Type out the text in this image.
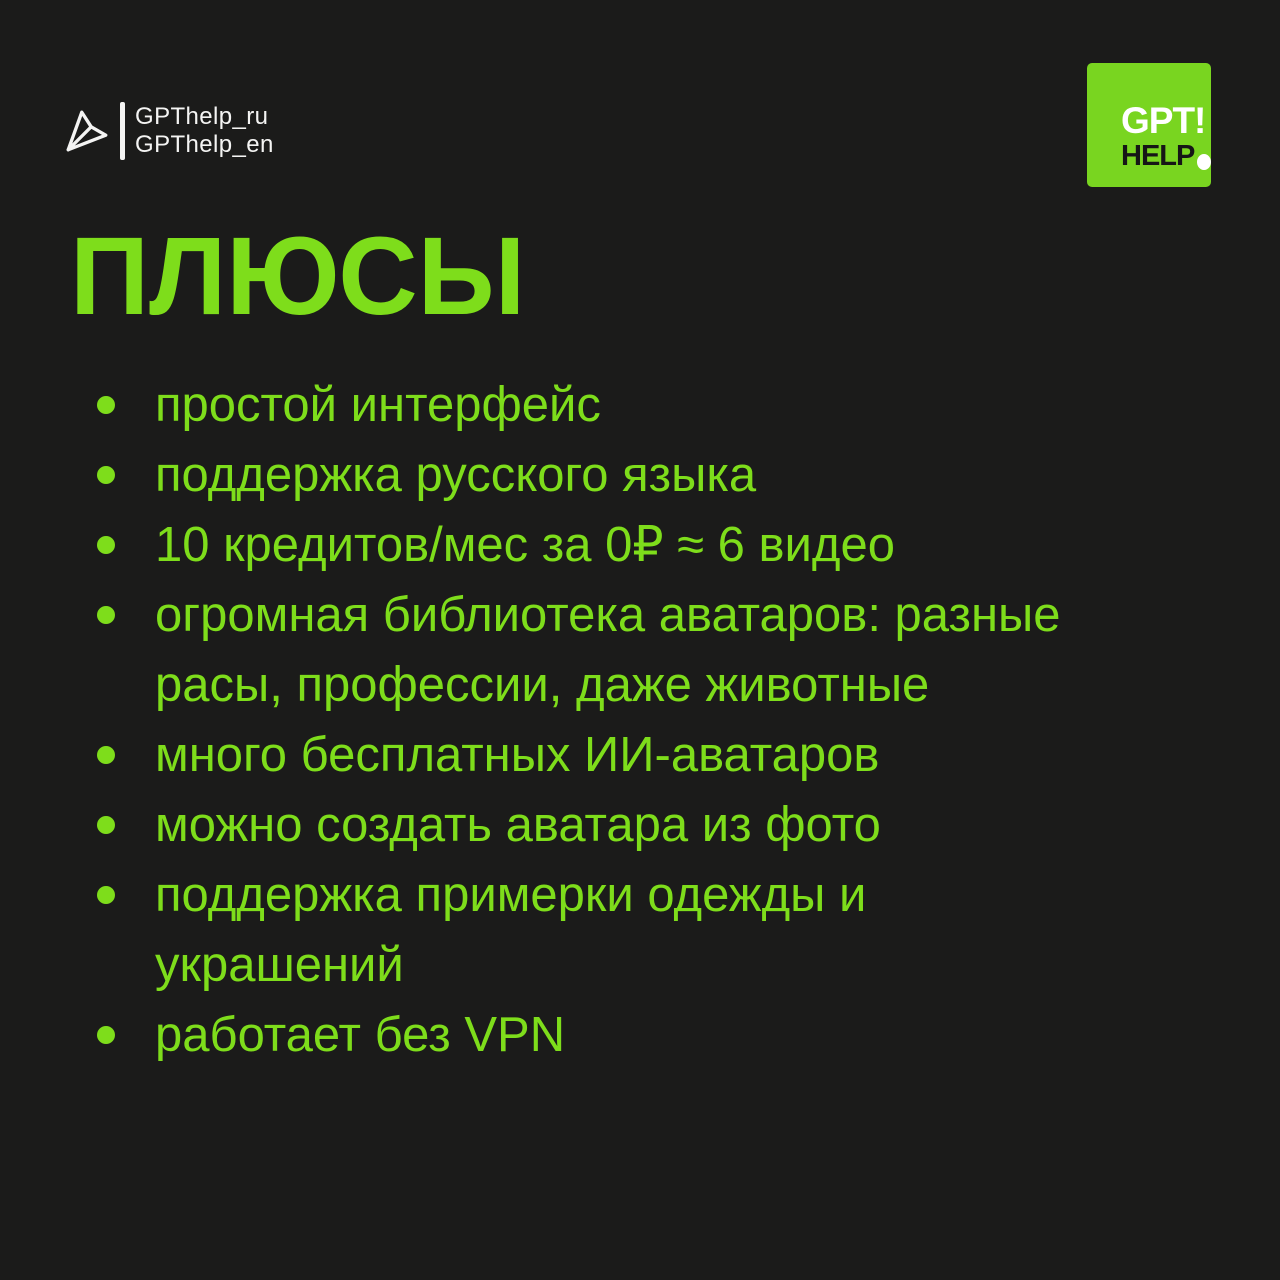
GPThelp_ru
GPThelp_en
GPT!
HELP
ПЛЮСЫ
простой интерфейс
поддержка русского языка
10 кредитов/мес за 0₽ ≈ 6 видео
огромная библиотека аватаров: разные расы, профессии, даже животные
много бесплатных ИИ-аватаров
можно создать аватара из фото
поддержка примерки одежды и украшений
работает без VPN
